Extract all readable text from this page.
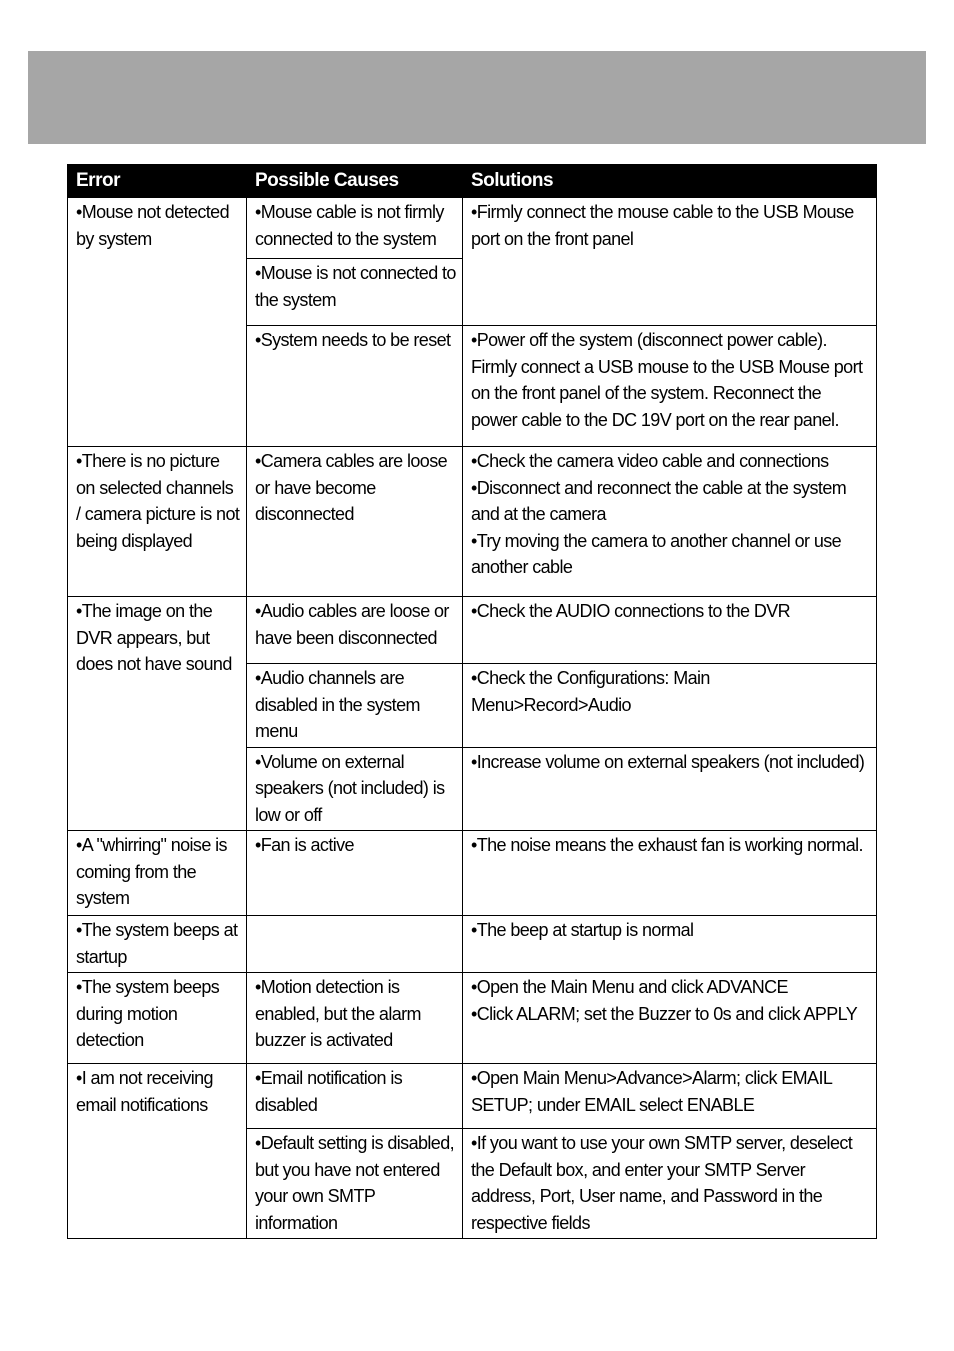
Error	Possible Causes	Solutions

•Mouse not detected by system	•Mouse cable is not firmly connected to the system	•Firmly connect the mouse cable to the USB Mouse port on the front panel

	•Mouse is not connected to the system	

	•System needs to be reset	•Power off the system (disconnect power cable). Firmly connect a USB mouse to the USB Mouse port on the front panel of the system. Reconnect the power cable to the DC 19V port on the rear panel.

•There is no picture on selected channels / camera picture is not being displayed	•Camera cables are loose or have become disconnected	•Check the camera video cable and connections
•Disconnect and reconnect the cable at the system and at the camera
•Try moving the camera to another channel or use another cable

•The image on the DVR appears, but does not have sound	•Audio cables are loose or have been disconnected	•Check the AUDIO connections to the DVR

	•Audio channels are disabled in the system menu	•Check the Configurations: Main Menu>Record>Audio

	•Volume on external speakers (not included) is low or off	•Increase volume on external speakers (not included)

•A "whirring" noise is coming from the system	•Fan is active	•The noise means the exhaust fan is working normal.

•The system beeps at startup		•The beep at startup is normal

•The system beeps during motion detection	•Motion detection is enabled, but the alarm buzzer is activated	•Open the Main Menu and click ADVANCE
•Click ALARM; set the Buzzer to 0s and click APPLY

•I am not receiving email notifications	•Email notification is disabled	•Open Main Menu>Advance>Alarm; click EMAIL SETUP; under EMAIL select ENABLE

	•Default setting is disabled, but you have not entered your own SMTP information	•If you want to use your own SMTP server, deselect the Default box, and enter your SMTP Server address, Port, User name, and Password in the respective fields
